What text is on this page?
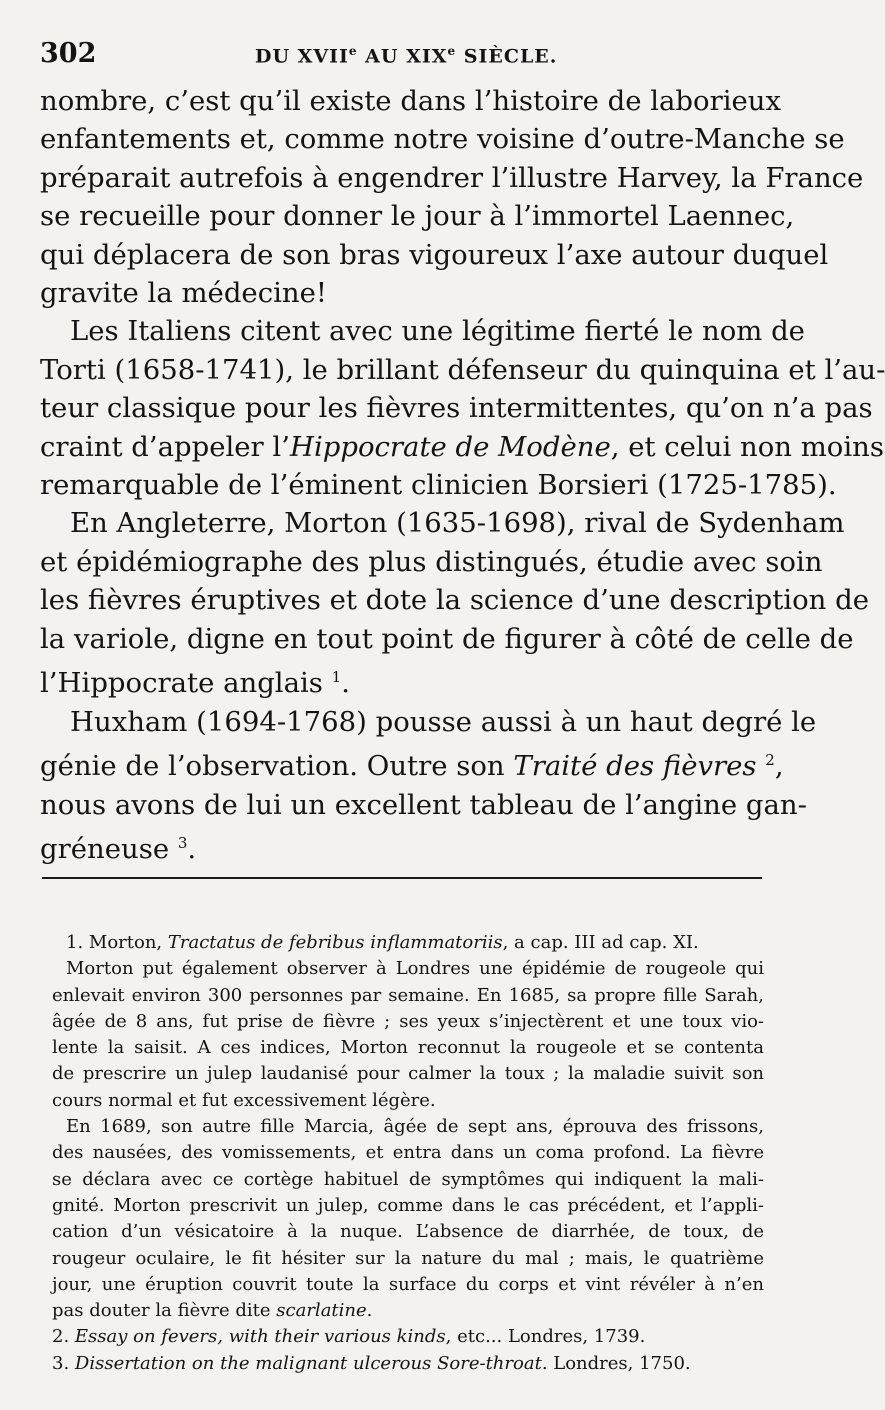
302	DU XVIIe AU XIXe SIÈCLE.
nombre, c’est qu’il existe dans l’histoire de laborieux
enfantements et, comme notre voisine d’outre-Manche se
préparait autrefois à engendrer l’illustre Harvey, la France
se recueille pour donner le jour à l’immortel Laennec,
qui déplacera de son bras vigoureux l’axe autour duquel
gravite la médecine!
Les Italiens citent avec une légitime fierté le nom de
Torti (1658-1741), le brillant défenseur du quinquina et l’au-
teur classique pour les fièvres intermittentes, qu’on n’a pas
craint d’appeler l’Hippocrate de Modène, et celui non moins
remarquable de l’éminent clinicien Borsieri (1725-1785).
En Angleterre, Morton (1635-1698), rival de Sydenham
et épidémiographe des plus distingués, étudie avec soin
les fièvres éruptives et dote la science d’une description de
la variole, digne en tout point de figurer à côté de celle de
l’Hippocrate anglais $^1$.
Huxham (1694-1768) pousse aussi à un haut degré le
génie de l’observation. Outre son Traité des fièvres $^2$,
nous avons de lui un excellent tableau de l’angine gan-
gréneuse $^3$.
1. Morton, Tractatus de febribus inflammatoriis, a cap. III ad cap. XI.
Morton put également observer à Londres une épidémie de rougeole qui
enlevait environ 300 personnes par semaine. En 1685, sa propre fille Sarah,
âgée de 8 ans, fut prise de fièvre ; ses yeux s’injectèrent et une toux vio-
lente la saisit. A ces indices, Morton reconnut la rougeole et se contenta
de prescrire un julep laudanisé pour calmer la toux ; la maladie suivit son
cours normal et fut excessivement légère.
En 1689, son autre fille Marcia, âgée de sept ans, éprouva des frissons,
des nausées, des vomissements, et entra dans un coma profond. La fièvre
se déclara avec ce cortège habituel de symptômes qui indiquent la mali-
gnité. Morton prescrivit un julep, comme dans le cas précédent, et l’appli-
cation d’un vésicatoire à la nuque. L’absence de diarrhée, de toux, de
rougeur oculaire, le fit hésiter sur la nature du mal ; mais, le quatrième
jour, une éruption couvrit toute la surface du corps et vint révéler à n’en
pas douter la fièvre dite scarlatine.
2. Essay on fevers, with their various kinds, etc... Londres, 1739.
3. Dissertation on the malignant ulcerous Sore-throat. Londres, 1750.
